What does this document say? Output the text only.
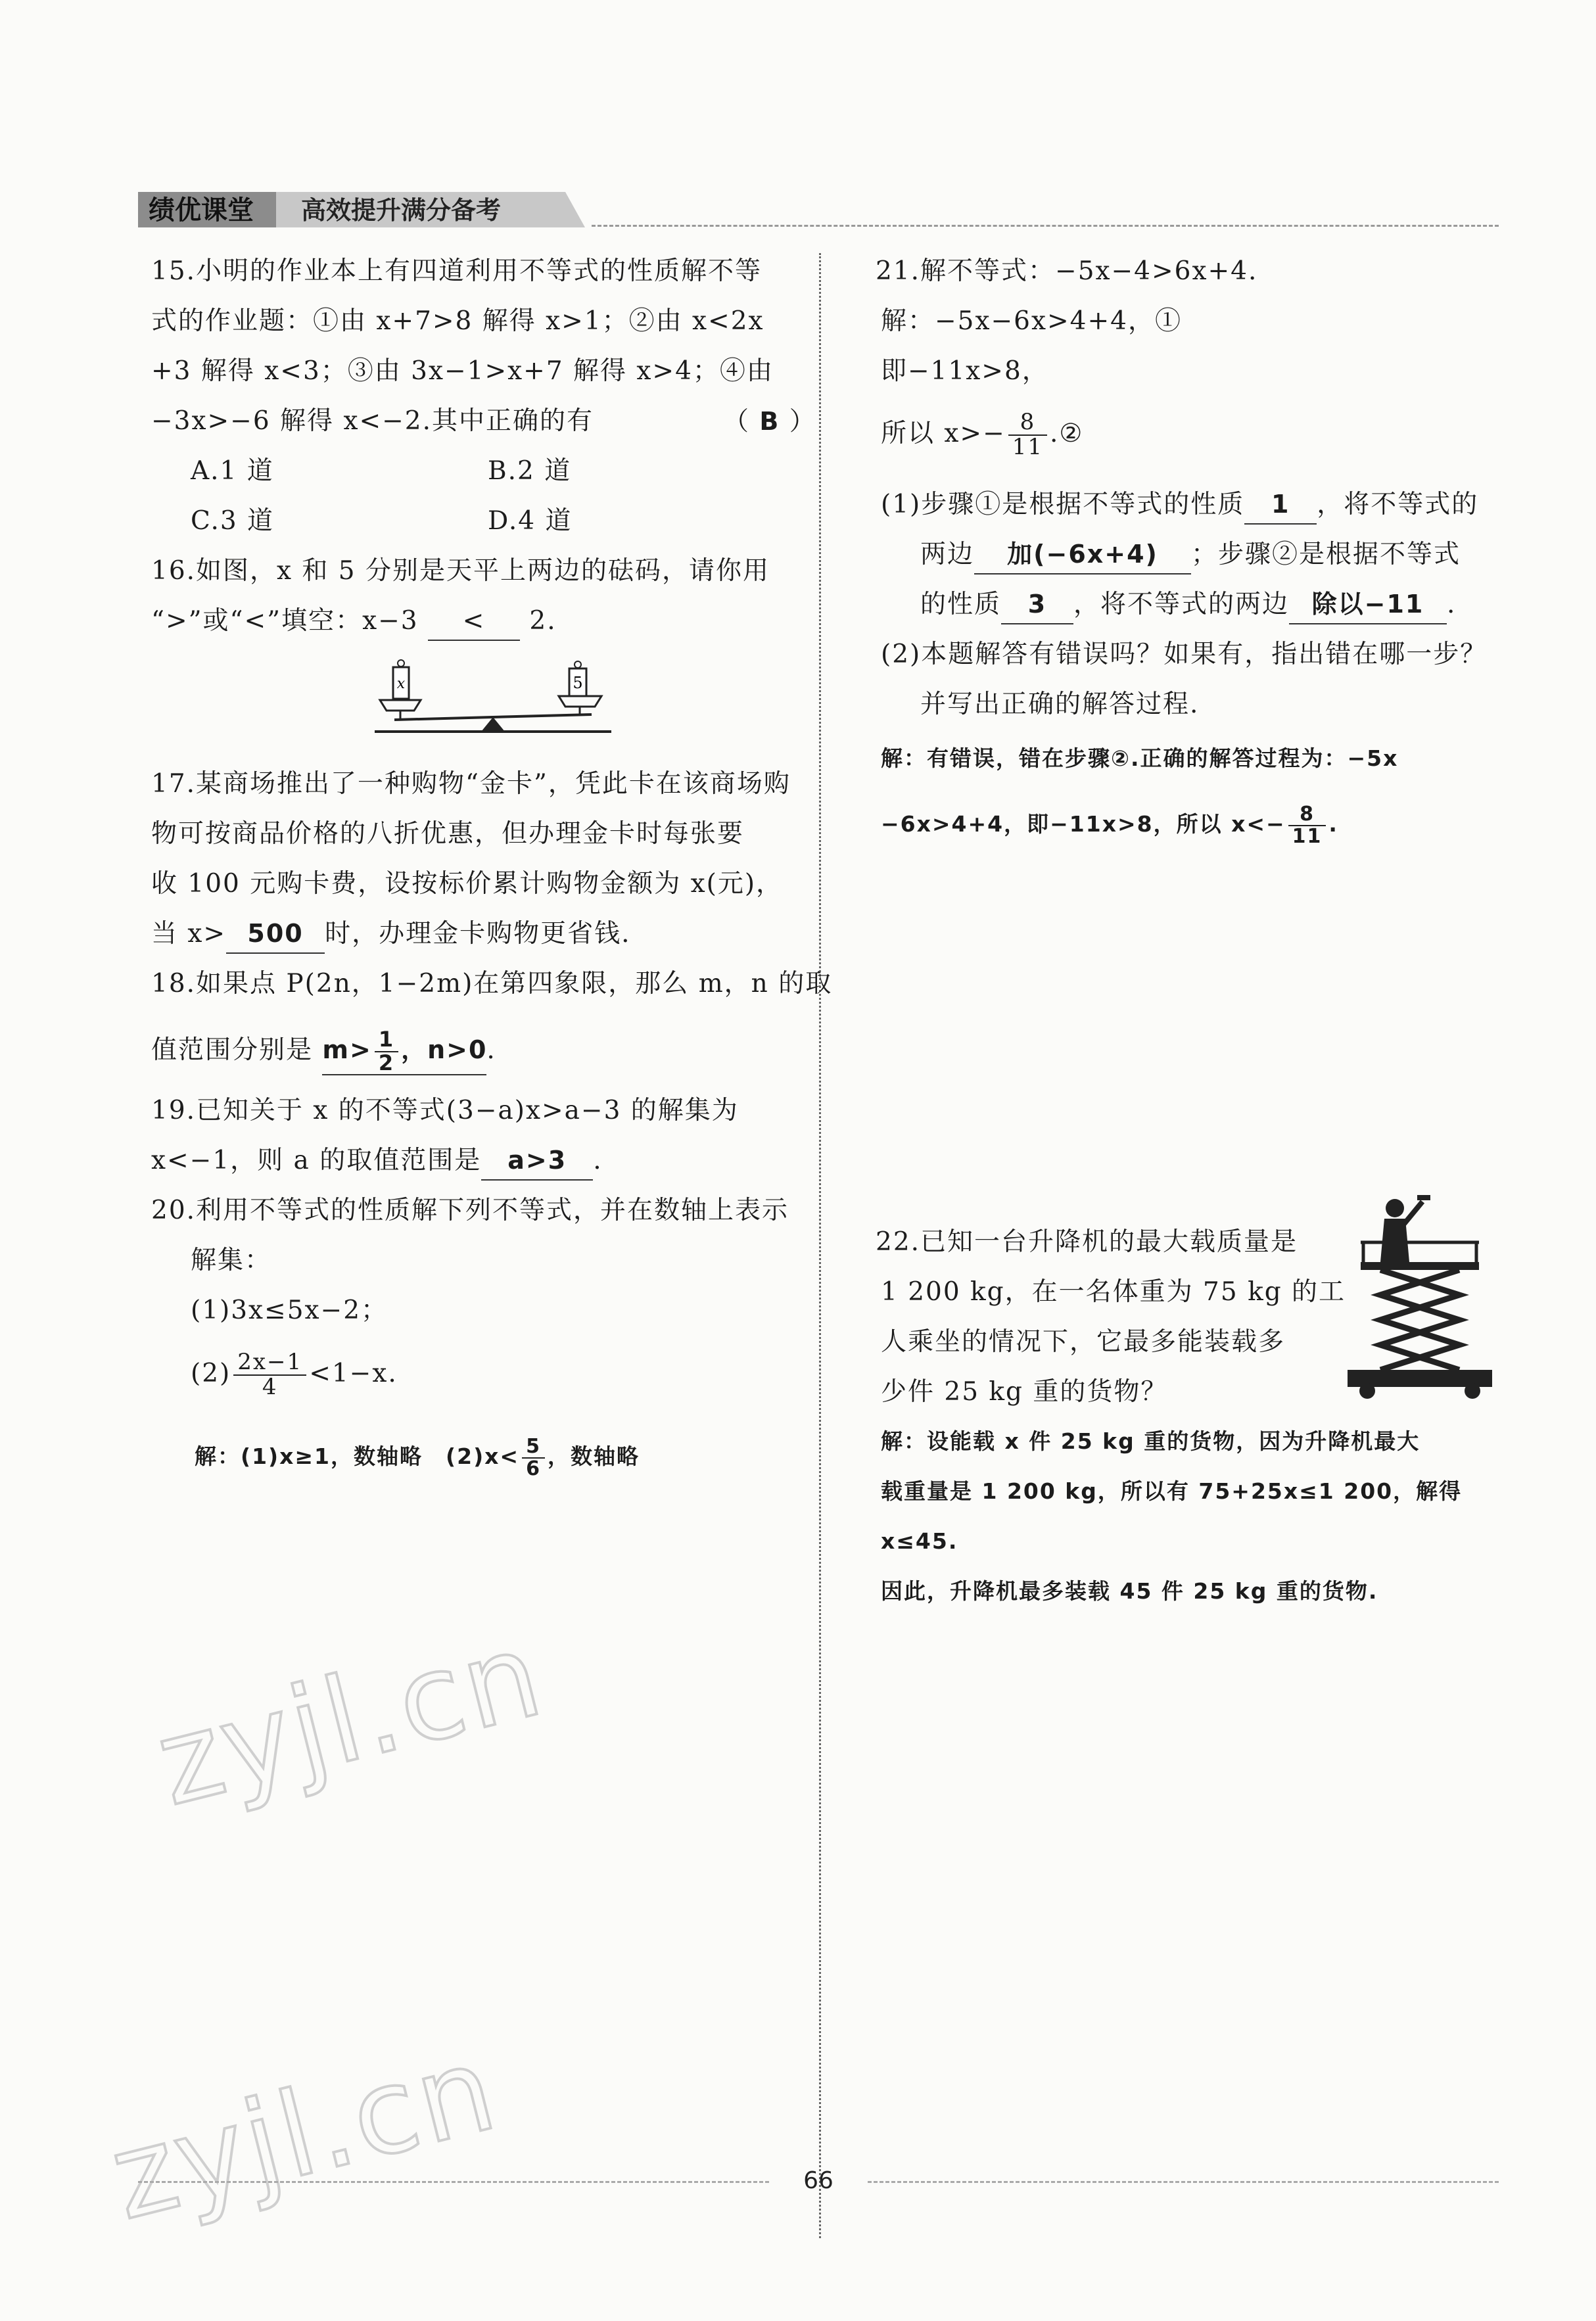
绩优课堂 高效提升满分备考
15.小明的作业本上有四道利用不等式的性质解不等
式的作业题：①由 x+7>8 解得 x>1；②由 x<2x
+3 解得 x<3；③由 3x−1>x+7 解得 x>4；④由
−3x>−6 解得 x<−2.其中正确的有	（ B ）
A.1 道	B.2 道
C.3 道	D.4 道
16.如图，x 和 5 分别是天平上两边的砝码，请你用
“>”或“<”填空：x−3 < 2.
x	5
17.某商场推出了一种购物“金卡”，凭此卡在该商场购
物可按商品价格的八折优惠，但办理金卡时每张要
收 100 元购卡费，设按标价累计购物金额为 x(元)，
当 x> 500 时，办理金卡购物更省钱.
18.如果点 P(2n，1−2m)在第四象限，那么 m，n 的取
值范围分别是 $m> \frac{1}{2}$ ，n>0.
19.已知关于 x 的不等式(3−a)x>a−3 的解集为
x<−1，则 a 的取值范围是 a>3 .
20.利用不等式的性质解下列不等式，并在数轴上表示
解集：
(1)3x≤5x−2；
$(2) \frac{2x-1}{4} <1-x$.
解：(1)x≥1，数轴略　$(2)x< \frac{5}{6}$ ，数轴略
21.解不等式：−5x−4>6x+4.
解：−5x−6x>4+4，①
即−11x>8，
所以 $x>- \frac{8}{11}$ .②
(1)步骤①是根据不等式的性质 1 ，将不等式的
两边 加(−6x+4) ；步骤②是根据不等式
的性质 3 ，将不等式的两边 除以−11 .
(2)本题解答有错误吗？如果有，指出错在哪一步？
并写出正确的解答过程.
解：有错误，错在步骤②.正确的解答过程为：−5x
−6x>4+4，即−11x>8，所以 $x<- \frac{8}{11}$ .
22.已知一台升降机的最大载质量是
1 200 kg，在一名体重为 75 kg 的工
人乘坐的情况下，它最多能装载多
少件 25 kg 重的货物？
解：设能载 x 件 25 kg 重的货物，因为升降机最大
载重量是 1 200 kg，所以有 75+25x≤1 200，解得
x≤45.
因此，升降机最多装载 45 件 25 kg 重的货物.
zyjl.cn
zyjl.cn	66
